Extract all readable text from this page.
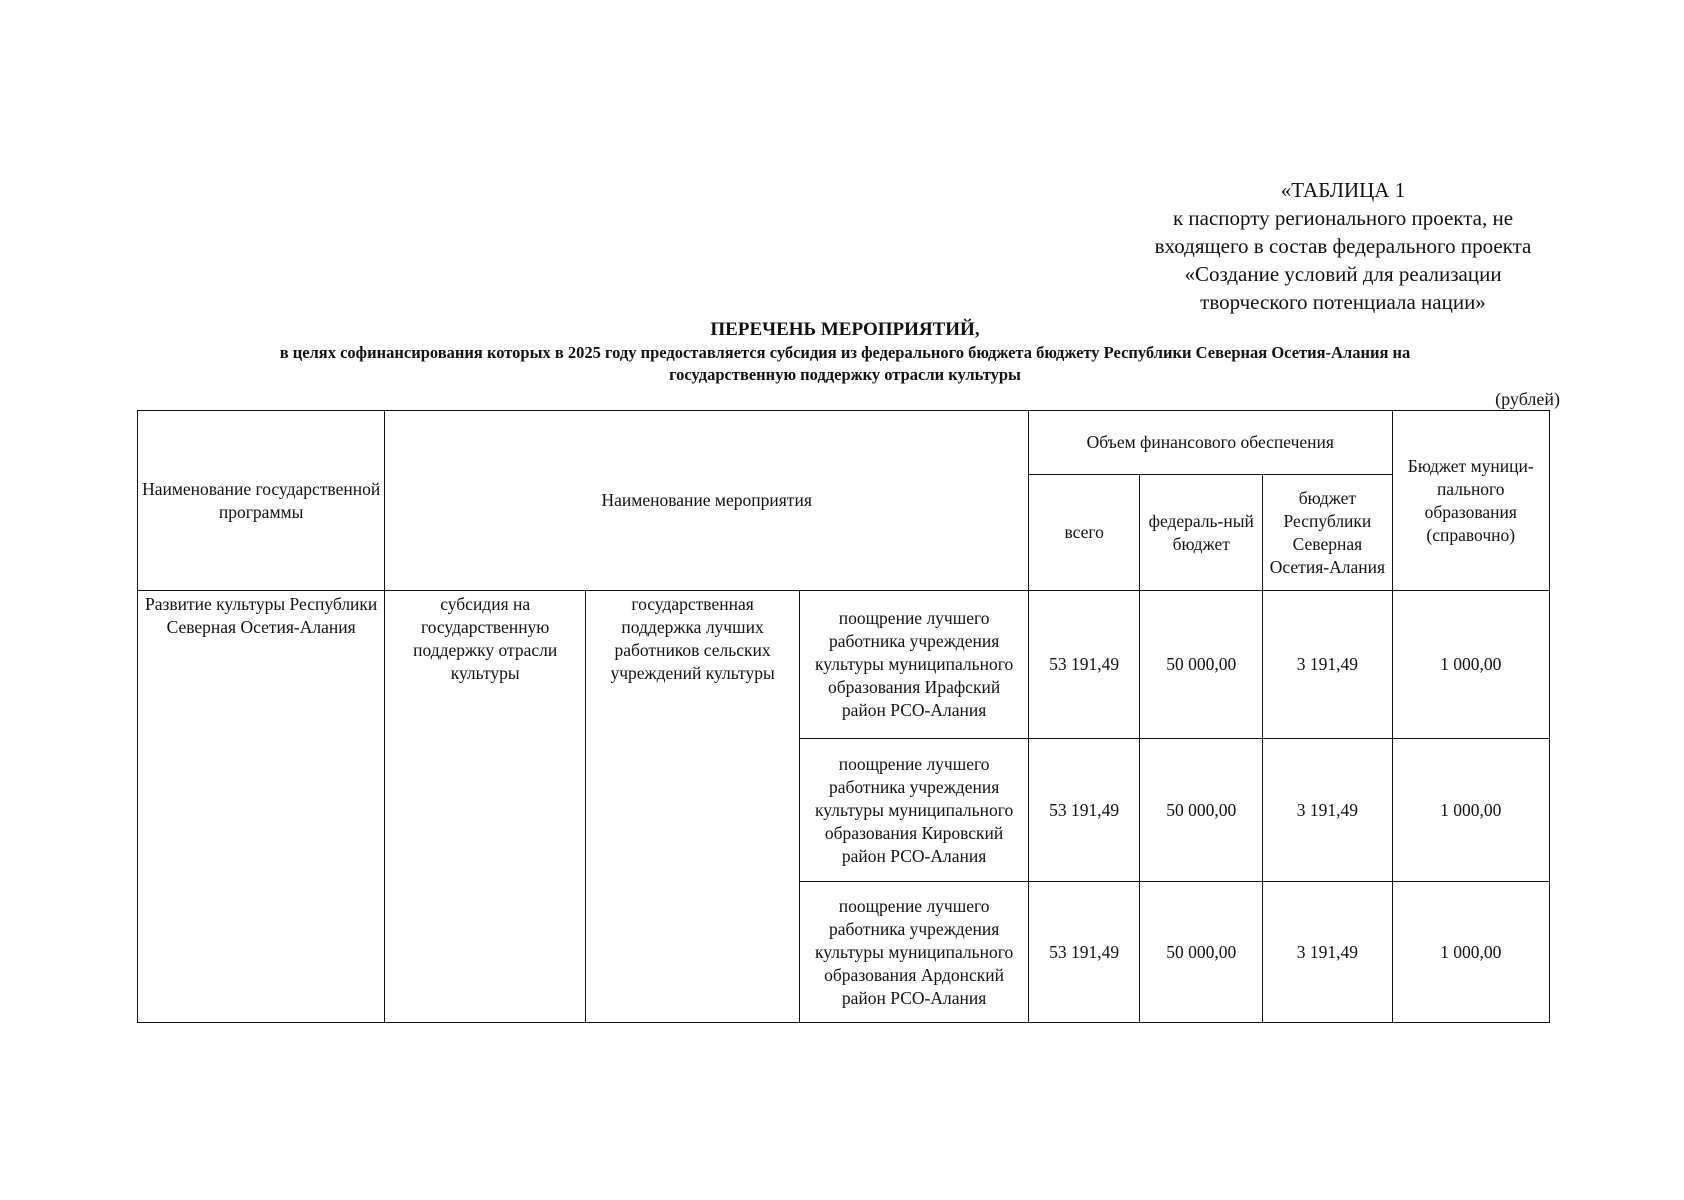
«ТАБЛИЦА 1
к паспорту регионального проекта, не
входящего в состав федерального проекта
«Создание условий для реализации
творческого потенциала нации»
ПЕРЕЧЕНЬ МЕРОПРИЯТИЙ,
в целях софинансирования которых в 2025 году предоставляется субсидия из федерального бюджета бюджету Республики Северная Осетия-Алания на
государственную поддержку отрасли культуры
(рублей)
Наименование государственной программы	Наименование мероприятия			Объем финансового обеспечения			Бюджет муници-пального образования (справочно)
				всего	федераль-ный бюджет	бюджет Республики Северная Осетия-Алания	
Развитие культуры Республики Северная Осетия-Алания	субсидия на государственную поддержку отрасли культуры	государственная поддержка лучших работников сельских учреждений культуры	поощрение лучшего работника учреждения культуры муниципального образования Ирафский район РСО-Алания	53 191,49	50 000,00	3 191,49	1 000,00
			поощрение лучшего работника учреждения культуры муниципального образования Кировский район РСО-Алания	53 191,49	50 000,00	3 191,49	1 000,00
			поощрение лучшего работника учреждения культуры муниципального образования Ардонский район РСО-Алания	53 191,49	50 000,00	3 191,49	1 000,00
